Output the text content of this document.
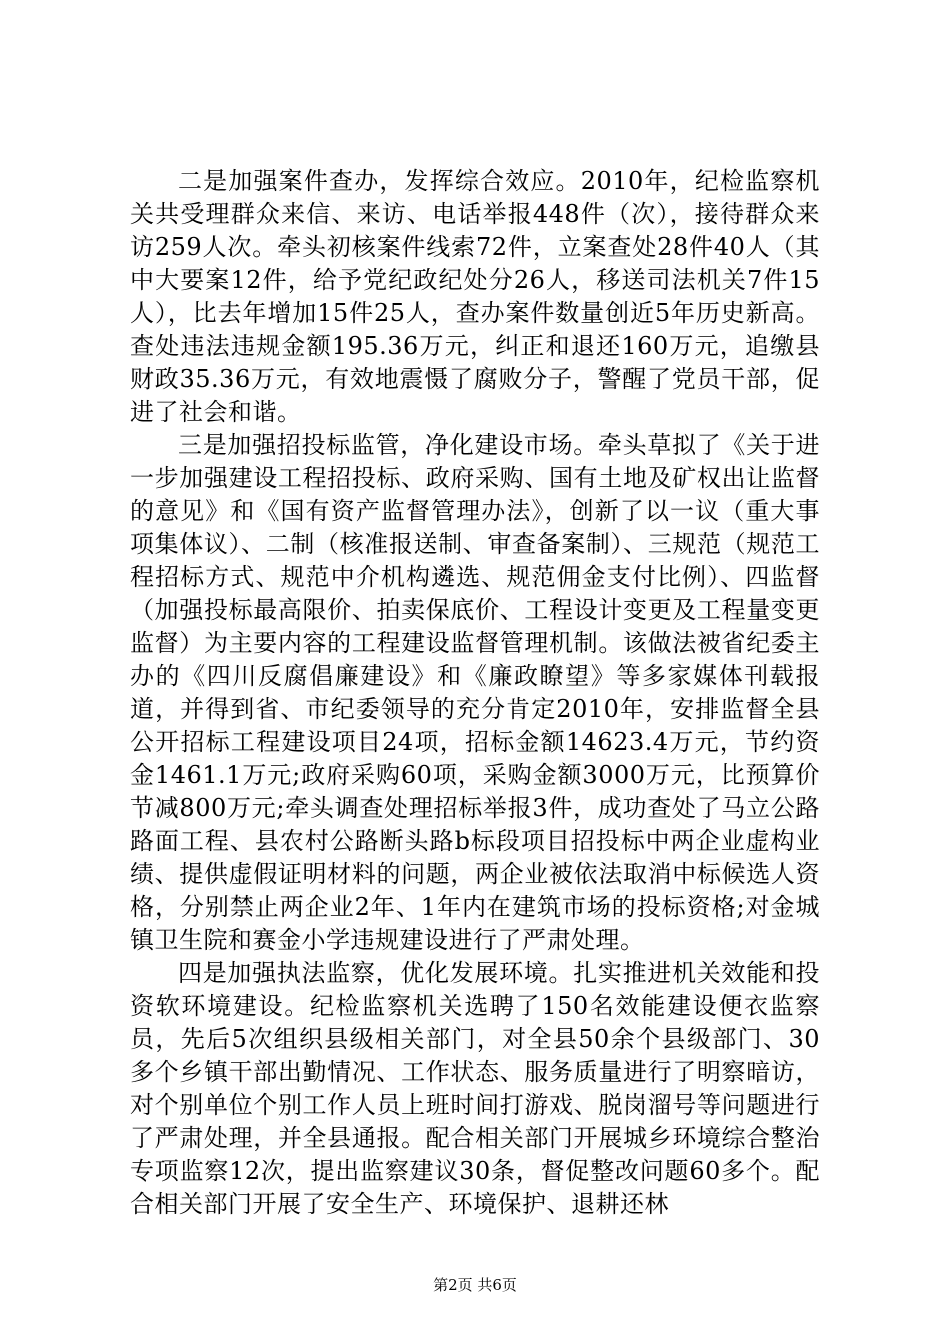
二是加强案件查办，发挥综合效应。2010年，纪检监察机关共受理群众来信、来访、电话举报448件（次），接待群众来访259人次。牵头初核案件线索72件，立案查处28件40人（其中大要案12件，给予党纪政纪处分26人，移送司法机关7件15人），比去年增加15件25人，查办案件数量创近5年历史新高。查处违法违规金额195.36万元，纠正和退还160万元，追缴县财政35.36万元，有效地震慑了腐败分子，警醒了党员干部，促进了社会和谐。

三是加强招投标监管，净化建设市场。牵头草拟了《关于进一步加强建设工程招投标、政府采购、国有土地及矿权出让监督的意见》和《国有资产监督管理办法》，创新了以一议（重大事项集体议）、二制（核准报送制、审查备案制）、三规范（规范工程招标方式、规范中介机构遴选、规范佣金支付比例）、四监督（加强投标最高限价、拍卖保底价、工程设计变更及工程量变更监督）为主要内容的工程建设监督管理机制。该做法被省纪委主办的《四川反腐倡廉建设》和《廉政瞭望》等多家媒体刊载报道，并得到省、市纪委领导的充分肯定2010年，安排监督全县公开招标工程建设项目24项，招标金额14623.4万元，节约资金1461.1万元;政府采购60项，采购金额3000万元，比预算价节减800万元;牵头调查处理招标举报3件，成功查处了马立公路路面工程、县农村公路断头路b标段项目招投标中两企业虚构业绩、提供虚假证明材料的问题，两企业被依法取消中标候选人资格，分别禁止两企业2年、1年内在建筑市场的投标资格;对金城镇卫生院和赛金小学违规建设进行了严肃处理。

四是加强执法监察，优化发展环境。扎实推进机关效能和投资软环境建设。纪检监察机关选聘了150名效能建设便衣监察员，先后5次组织县级相关部门，对全县50余个县级部门、30多个乡镇干部出勤情况、工作状态、服务质量进行了明察暗访，对个别单位个别工作人员上班时间打游戏、脱岗溜号等问题进行了严肃处理，并全县通报。配合相关部门开展城乡环境综合整治专项监察12次，提出监察建议30条，督促整改问题60多个。配合相关部门开展了安全生产、环境保护、退耕还林

第2页 共6页
